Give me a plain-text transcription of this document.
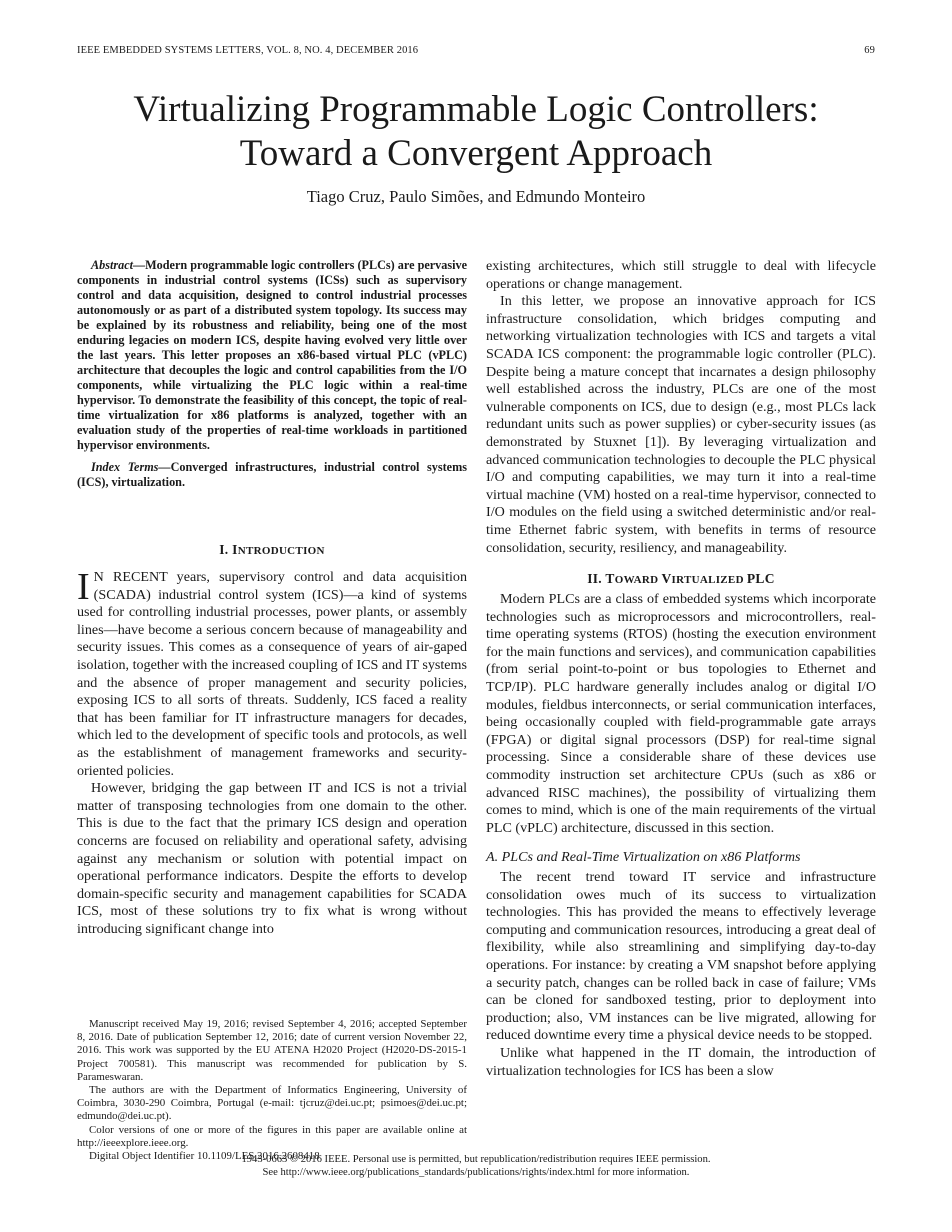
IEEE EMBEDDED SYSTEMS LETTERS, VOL. 8, NO. 4, DECEMBER 2016	69
Virtualizing Programmable Logic Controllers:
Toward a Convergent Approach
Tiago Cruz, Paulo Simões, and Edmundo Monteiro

Abstract—Modern programmable logic controllers (PLCs) are pervasive components in industrial control systems (ICSs) such as supervisory control and data acquisition, designed to control industrial processes autonomously or as part of a distributed system topology. Its success may be explained by its robustness and reliability, being one of the most enduring legacies on modern ICS, despite having evolved very little over the last years. This letter proposes an x86-based virtual PLC (vPLC) architecture that decouples the logic and control capabilities from the I/O components, while virtualizing the PLC logic within a real-time hypervisor. To demonstrate the feasibility of this concept, the topic of real-time virtualization for x86 platforms is analyzed, together with an evaluation study of the properties of real-time workloads in partitioned hypervisor environments.

Index Terms—Converged infrastructures, industrial control systems (ICS), virtualization.

I. INTRODUCTION

I N RECENT years, supervisory control and data acquisition (SCADA) industrial control system (ICS)—a kind of systems used for controlling industrial processes, power plants, or assembly lines—have become a serious concern because of manageability and security issues. This comes as a consequence of years of air-gaped isolation, together with the increased coupling of ICS and IT systems and the absence of proper management and security policies, exposing ICS to all sorts of threats. Suddenly, ICS faced a reality that has been familiar for IT infrastructure managers for decades, which led to the development of specific tools and protocols, as well as the establishment of management frameworks and security-oriented policies.

However, bridging the gap between IT and ICS is not a trivial matter of transposing technologies from one domain to the other. This is due to the fact that the primary ICS design and operation concerns are focused on reliability and operational safety, advising against any mechanism or solution with potential impact on operational performance indicators. Despite the efforts to develop domain-specific security and management capabilities for SCADA ICS, most of these solutions try to fix what is wrong without introducing significant change into

existing architectures, which still struggle to deal with lifecycle operations or change management.

In this letter, we propose an innovative approach for ICS infrastructure consolidation, which bridges computing and networking virtualization technologies with ICS and targets a vital SCADA ICS component: the programmable logic controller (PLC). Despite being a mature concept that incarnates a design philosophy well established across the industry, PLCs are one of the most vulnerable components on ICS, due to design (e.g., most PLCs lack redundant units such as power supplies) or cyber-security issues (as demonstrated by Stuxnet [1]). By leveraging virtualization and advanced communication technologies to decouple the PLC physical I/O and computing capabilities, we may turn it into a real-time virtual machine (VM) hosted on a real-time hypervisor, connected to I/O modules on the field using a switched deterministic and/or real-time Ethernet fabric system, with benefits in terms of resource consolidation, security, resiliency, and manageability.

II. TOWARD VIRTUALIZED PLC

Modern PLCs are a class of embedded systems which incorporate technologies such as microprocessors and microcontrollers, real-time operating systems (RTOS) (hosting the execution environment for the main functions and services), and communication capabilities (from serial point-to-point or bus topologies to Ethernet and TCP/IP). PLC hardware generally includes analog or digital I/O modules, fieldbus interconnects, or serial communication interfaces, being occasionally coupled with field-programmable gate arrays (FPGA) or digital signal processors (DSP) for real-time signal processing. Since a considerable share of these devices use commodity instruction set architecture CPUs (such as x86 or advanced RISC machines), the possibility of virtualizing them comes to mind, which is one of the main requirements of the virtual PLC (vPLC) architecture, discussed in this section.

A. PLCs and Real-Time Virtualization on x86 Platforms

The recent trend toward IT service and infrastructure consolidation owes much of its success to virtualization technologies. This has provided the means to effectively leverage computing and communication resources, introducing a great deal of flexibility, while also streamlining and simplifying day-to-day operations. For instance: by creating a VM snapshot before applying a security patch, changes can be rolled back in case of failure; VMs can be cloned for sandboxed testing, prior to deployment into production; also, VM instances can be live migrated, allowing for reduced downtime every time a physical device needs to be stopped.

Unlike what happened in the IT domain, the introduction of virtualization technologies for ICS has been a slow

Manuscript received May 19, 2016; revised September 4, 2016; accepted September 8, 2016. Date of publication September 12, 2016; date of current version November 22, 2016. This work was supported by the EU ATENA H2020 Project (H2020-DS-2015-1 Project 700581). This manuscript was recommended for publication by S. Parameswaran.

The authors are with the Department of Informatics Engineering, University of Coimbra, 3030-290 Coimbra, Portugal (e-mail: tjcruz@dei.uc.pt; psimoes@dei.uc.pt; edmundo@dei.uc.pt).

Color versions of one or more of the figures in this paper are available online at http://ieeexplore.ieee.org.

Digital Object Identifier 10.1109/LES.2016.2608418

1943-0663 © 2016 IEEE. Personal use is permitted, but republication/redistribution requires IEEE permission.

See http://www.ieee.org/publications_standards/publications/rights/index.html for more information.
